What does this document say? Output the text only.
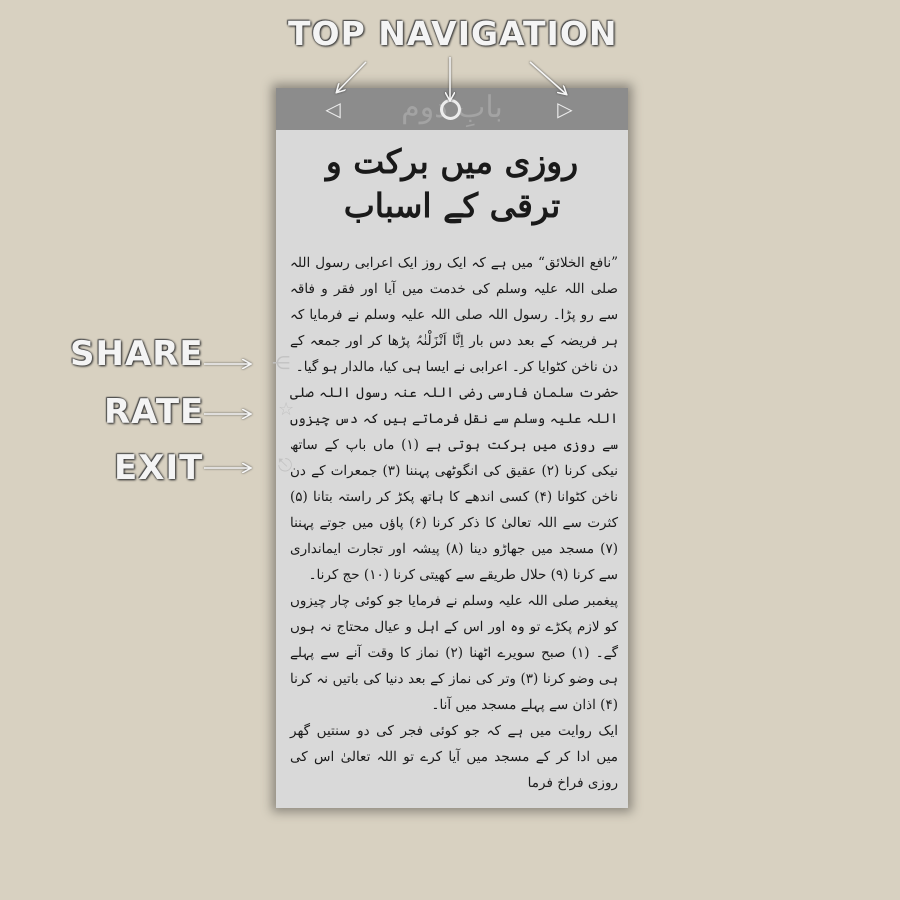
TOP NAVIGATION
SHARE
RATE
EXIT
بابِ دوم
◁	▷
روزی میں برکت و ترقی کے اسباب
”نافع الخلائق“ میں ہے کہ ایک روز ایک اعرابی رسول اللہ صلی اللہ علیہ وسلم کی خدمت میں آیا اور فقر و فاقہ سے رو پڑا۔ رسول اللہ صلی اللہ علیہ وسلم نے فرمایا کہ ہر فریضہ کے بعد دس بار اِنَّا اَنْزَلْنٰہُ پڑھا کر اور جمعہ کے دن ناخن کٹوایا کر۔ اعرابی نے ایسا ہی کیا، مالدار ہو گیا۔
حضرت سلمان فارسی رضی اللہ عنہ رسول اللہ صلی اللہ علیہ وسلم سے نقل فرماتے ہیں کہ دس چیزوں سے روزی میں برکت ہوتی ہے (۱) ماں باپ کے ساتھ نیکی کرنا (۲) عقیق کی انگوٹھی پہننا (۳) جمعرات کے دن ناخن کٹوانا (۴) کسی اندھے کا ہاتھ پکڑ کر راستہ بتانا (۵) کثرت سے اللہ تعالیٰ کا ذکر کرنا (۶) پاؤں میں جوتے پہننا (۷) مسجد میں جھاڑو دینا (۸) پیشہ اور تجارت ایمانداری سے کرنا (۹) حلال طریقے سے کھیتی کرنا (۱۰) حج کرنا۔
پیغمبر صلی اللہ علیہ وسلم نے فرمایا جو کوئی چار چیزوں کو لازم پکڑے تو وہ اور اس کے اہل و عیال محتاج نہ ہوں گے۔ (۱) صبح سویرے اٹھنا (۲) نماز کا وقت آنے سے پہلے ہی وضو کرنا (۳) وتر کی نماز کے بعد دنیا کی باتیں نہ کرنا (۴) اذان سے پہلے مسجد میں آنا۔
ایک روایت میں ہے کہ جو کوئی فجر کی دو سنتیں گھر میں ادا کر کے مسجد میں آیا کرے تو اللہ تعالیٰ اس کی روزی فراخ فرما
⋲
☆
⎋
